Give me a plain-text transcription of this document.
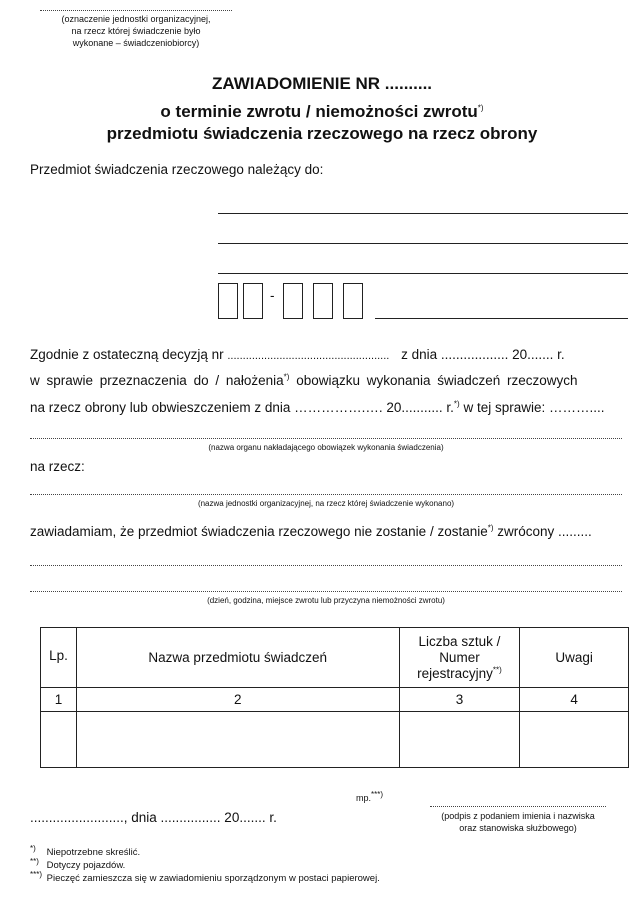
(oznaczenie jednostki organizacyjnej,
na rzecz której świadczenie było
wykonane – świadczeniobiorcy)
ZAWIADOMIENIE NR ..........
o terminie zwrotu / niemożności zwrotu*)
przedmiotu świadczenia rzeczowego na rzecz obrony
Przedmiot świadczenia rzeczowego należący do:
-
Zgodnie z ostateczną decyzją nr ..................................................... z dnia .................. 20....... r.
w sprawie przeznaczenia do / nałożenia*) obowiązku wykonania świadczeń rzeczowych
na rzecz obrony lub obwieszczeniem z dnia …………….…. 20........... r.*) w tej sprawie: ………....
(nazwa organu nakładającego obowiązek wykonania świadczenia)
na rzecz:
(nazwa jednostki organizacyjnej, na rzecz której świadczenie wykonano)
zawiadamiam, że przedmiot świadczenia rzeczowego nie zostanie / zostanie*) zwrócony .........
(dzień, godzina, miejsce zwrotu lub przyczyna niemożności zwrotu)
Lp.	Nazwa przedmiotu świadczeń	Liczba sztuk /
Numer
rejestracyjny**)	Uwagi
1	2	3	4

mp.***)
........................., dnia ................ 20....... r.	(podpis z podaniem imienia i nazwiska
oraz stanowiska służbowego)
*) Niepotrzebne skreślić.
**) Dotyczy pojazdów.
***) Pieczęć zamieszcza się w zawiadomieniu sporządzonym w postaci papierowej.
